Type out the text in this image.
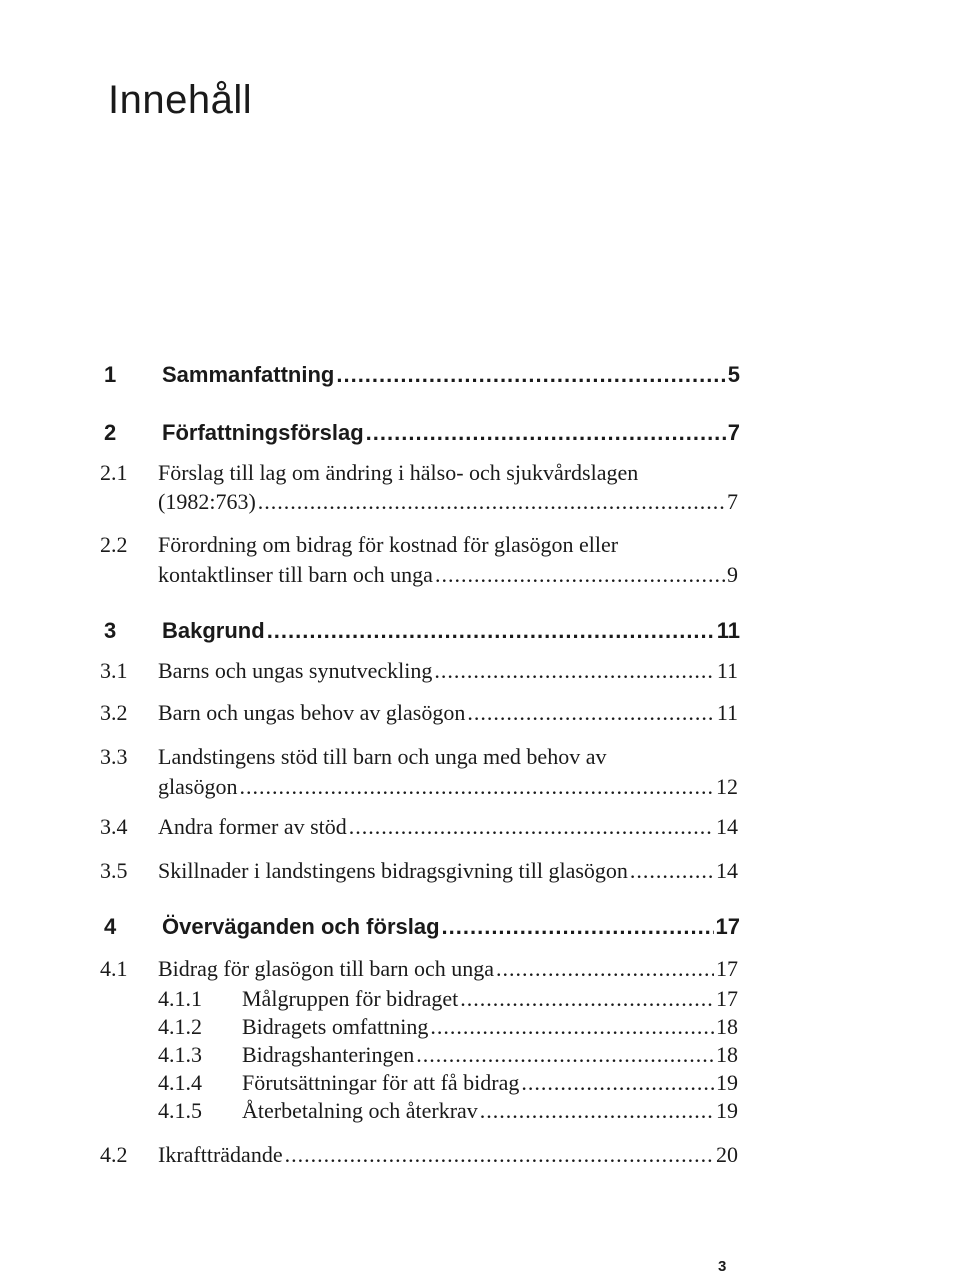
Innehåll
1 Sammanfattning .....	5
2 Författningsförslag .....	7
2.1 Förslag till lag om ändring i hälso- och sjukvårdslagen
(1982:763) .....	7
2.2 Förordning om bidrag för kostnad för glasögon eller
kontaktlinser till barn och unga .....	9
3 Bakgrund .....	11
3.1 Barns och ungas synutveckling .....	11
3.2 Barn och ungas behov av glasögon .....	11
3.3 Landstingens stöd till barn och unga med behov av
glasögon .....	12
3.4 Andra former av stöd .....	14
3.5 Skillnader i landstingens bidragsgivning till glasögon .....	14
4 Överväganden och förslag .....	17
4.1 Bidrag för glasögon till barn och unga .....	17
4.1.1 Målgruppen för bidraget .....	17
4.1.2 Bidragets omfattning .....	18
4.1.3 Bidragshanteringen .....	18
4.1.4 Förutsättningar för att få bidrag .....	19
4.1.5 Återbetalning och återkrav .....	19
4.2 Ikraftträdande .....	20
3
